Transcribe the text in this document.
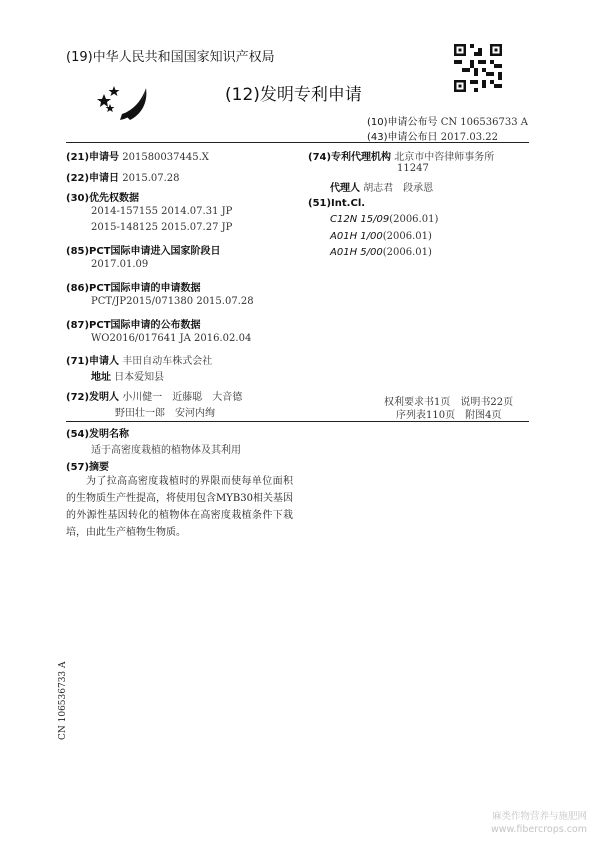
(19)中华人民共和国国家知识产权局
(12)发明专利申请
(10)申请公布号 CN 106536733 A
(43)申请公布日 2017.03.22
(21)申请号 201580037445.X
(22)申请日 2015.07.28
(30)优先权数据
2014-157155 2014.07.31 JP
2015-148125 2015.07.27 JP
(85)PCT国际申请进入国家阶段日
2017.01.09
(86)PCT国际申请的申请数据
PCT/JP2015/071380 2015.07.28
(87)PCT国际申请的公布数据
WO2016/017641 JA 2016.02.04
(71)申请人 丰田自动车株式会社
地址 日本爱知县
(72)发明人 小川健一　近藤聪　大音德
野田壮一郎　安河内绚
(74)专利代理机构 北京市中咨律师事务所
11247
代理人 胡志君　段承恩
(51)Int.Cl.
C12N 15/09(2006.01)
A01H 1/00(2006.01)
A01H 5/00(2006.01)
权利要求书1页　说明书22页
序列表110页　附图4页
(54)发明名称
适于高密度栽植的植物体及其利用
(57)摘要
为了拉高高密度栽植时的界限而使每单位面积的生物质生产性提高，将使用包含MYB30相关基因的外源性基因转化的植物体在高密度栽植条件下栽培，由此生产植物生物质。
CN 106536733 A
麻类作物营养与施肥网
www.fibercrops.com
